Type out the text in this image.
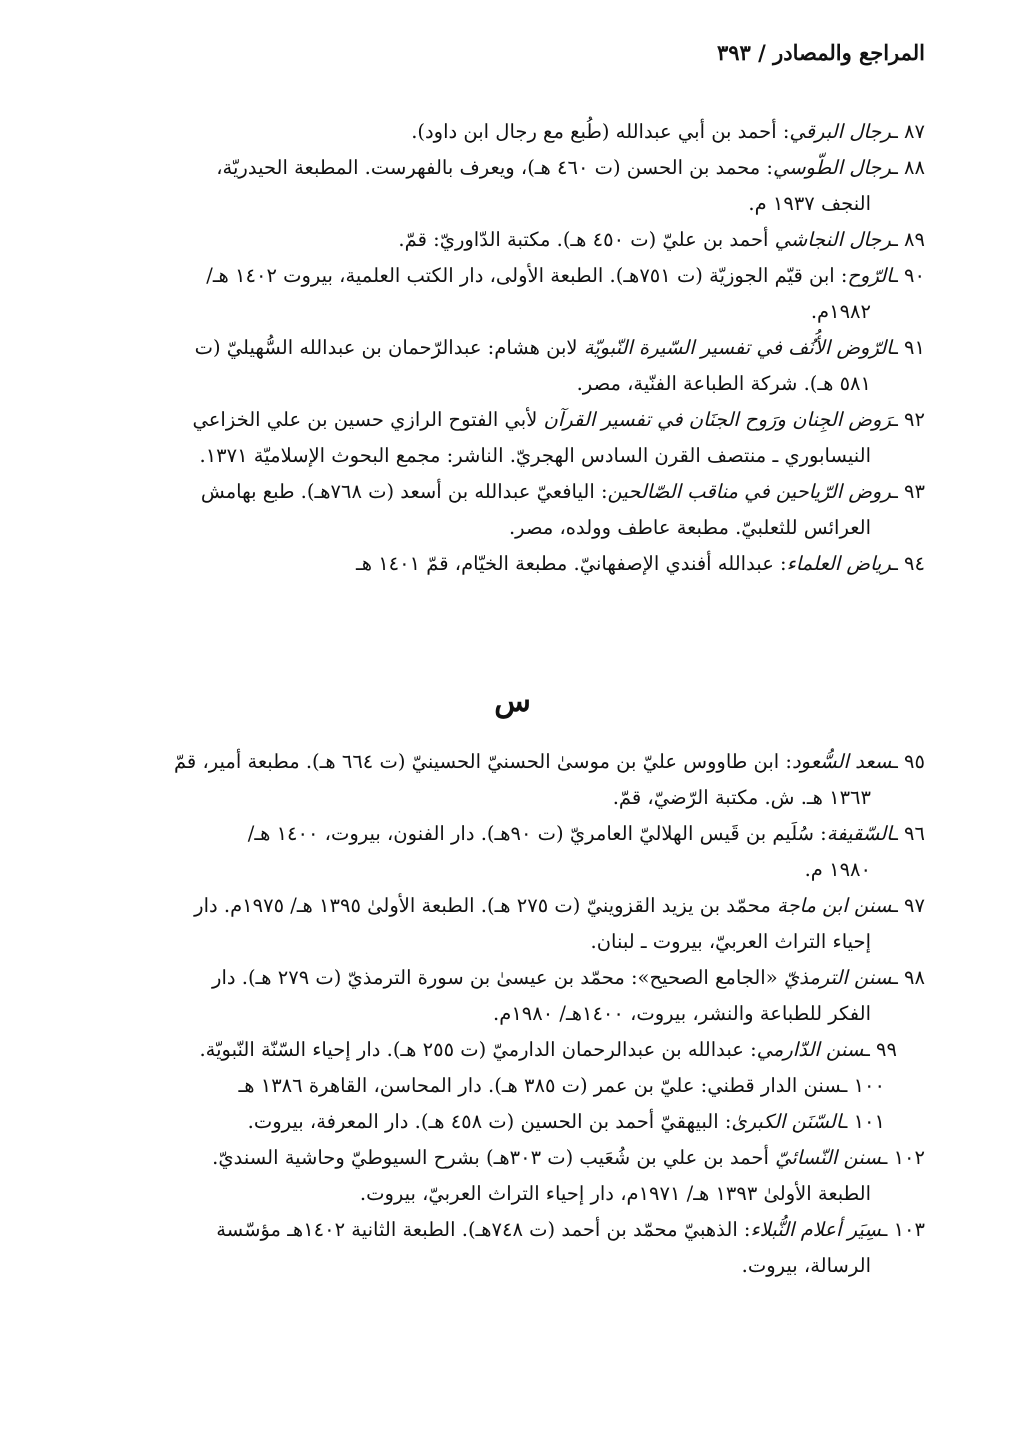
المراجع والمصادر / ٣٩٣
٨٧ ـرجال البرقي: أحمد بن أبي عبدالله (طُبع مع رجال ابن داود).
٨٨ ـرجال الطّوسي: محمد بن الحسن (ت ٤٦٠ هـ)، ويعرف بالفهرست. المطبعة الحيدريّة،
النجف ١٩٣٧ م.
٨٩ ـرجال النجاشي أحمد بن عليّ (ت ٤٥٠ هـ). مكتبة الدّاوريّ: قمّ.
٩٠ ـالرّوح: ابن قيّم الجوزيّة (ت ٧٥١هـ). الطبعة الأولى، دار الكتب العلمية، بيروت ١٤٠٢ هـ/
١٩٨٢م.
٩١ ـالرّوض الأُنُف في تفسير السّيرة النّبويّة لابن هشام: عبدالرّحمان بن عبدالله السُّهيليّ (ت
٥٨١ هـ). شركة الطباعة الفنّية، مصر.
٩٢ ـرَوض الجِنان ورَوح الجنَان في تفسير القرآن لأبي الفتوح الرازي حسين بن علي الخزاعي
النيسابوري ـ منتصف القرن السادس الهجريّ. الناشر: مجمع البحوث الإسلاميّة ١٣٧١.
٩٣ ـروض الرّياحين في مناقب الصّالحين: اليافعيّ عبدالله بن أسعد (ت ٧٦٨هـ). طبع بهامش
العرائس للثعلبيّ. مطبعة عاطف وولده، مصر.
٩٤ ـرياض العلماء: عبدالله أفندي الإصفهانيّ. مطبعة الخيّام، قمّ ١٤٠١ هـ
س
٩٥ ـسعد السُّعود: ابن طاووس عليّ بن موسىٰ الحسنيّ الحسينيّ (ت ٦٦٤ هـ). مطبعة أمير، قمّ
١٣٦٣ هـ. ش. مكتبة الرّضيّ، قمّ.
٩٦ ـالسّقيفة: سُلَيم بن قَيس الهلاليّ العامريّ (ت ٩٠هـ). دار الفنون، بيروت، ١٤٠٠ هـ/
١٩٨٠ م.
٩٧ ـسنن ابن ماجة محمّد بن يزيد القزوينيّ (ت ٢٧٥ هـ). الطبعة الأولىٰ ١٣٩٥ هـ/ ١٩٧٥م. دار
إحياء التراث العربيّ، بيروت ـ لبنان.
٩٨ ـسنن الترمذيّ «الجامع الصحيح»: محمّد بن عيسىٰ بن سورة الترمذيّ (ت ٢٧٩ هـ). دار
الفكر للطباعة والنشر، بيروت، ١٤٠٠هـ/ ١٩٨٠م.
٩٩ ـسنن الدّارمي: عبدالله بن عبدالرحمان الدارميّ (ت ٢٥٥ هـ). دار إحياء السّنّة النّبويّة.
١٠٠ ـسنن الدار قطني: عليّ بن عمر (ت ٣٨٥ هـ). دار المحاسن، القاهرة ١٣٨٦ هـ
١٠١ ـالسّنَن الكبرىٰ: البيهقيّ أحمد بن الحسين (ت ٤٥٨ هـ). دار المعرفة، بيروت.
١٠٢ ـسنن النّسائيّ أحمد بن علي بن شُعَيب (ت ٣٠٣هـ) بشرح السيوطيّ وحاشية السنديّ.
الطبعة الأولىٰ ١٣٩٣ هـ/ ١٩٧١م، دار إحياء التراث العربيّ، بيروت.
١٠٣ ـسِيَر أعلام النُّبلاء: الذهبيّ محمّد بن أحمد (ت ٧٤٨هـ). الطبعة الثانية ١٤٠٢هـ مؤسّسة
الرسالة، بيروت.
